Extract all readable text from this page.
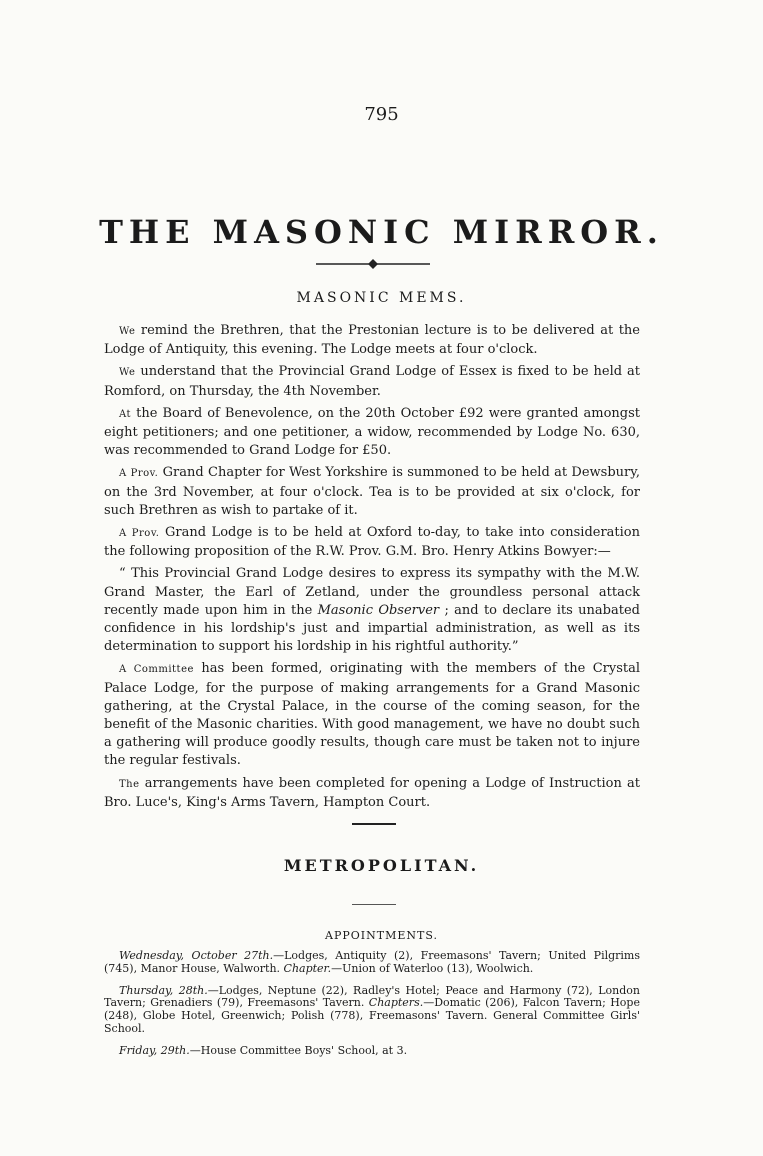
795
THE MASONIC MIRROR.
MASONIC MEMS.

We remind the Brethren, that the Prestonian lecture is to be delivered at the Lodge of Antiquity, this evening. The Lodge meets at four o'clock.

We understand that the Provincial Grand Lodge of Essex is fixed to be held at Romford, on Thursday, the 4th November.

At the Board of Benevolence, on the 20th October £92 were granted amongst eight petitioners; and one petitioner, a widow, recommended by Lodge No. 630, was recommended to Grand Lodge for £50.

A Prov. Grand Chapter for West Yorkshire is summoned to be held at Dewsbury, on the 3rd November, at four o'clock. Tea is to be provided at six o'clock, for such Brethren as wish to partake of it.

A Prov. Grand Lodge is to be held at Oxford to-day, to take into consideration the following proposition of the R.W. Prov. G.M. Bro. Henry Atkins Bowyer:—

“ This Provincial Grand Lodge desires to express its sympathy with the M.W. Grand Master, the Earl of Zetland, under the groundless personal attack recently made upon him in the Masonic Observer ; and to declare its unabated confidence in his lordship's just and impartial administration, as well as its determination to support his lordship in his rightful authority.”

A Committee has been formed, originating with the members of the Crystal Palace Lodge, for the purpose of making arrangements for a Grand Masonic gathering, at the Crystal Palace, in the course of the coming season, for the benefit of the Masonic charities. With good management, we have no doubt such a gathering will produce goodly results, though care must be taken not to injure the regular festivals.

The arrangements have been completed for opening a Lodge of Instruction at Bro. Luce's, King's Arms Tavern, Hampton Court.

METROPOLITAN.
APPOINTMENTS.

Wednesday, October 27th.—Lodges, Antiquity (2), Freemasons' Tavern; United Pilgrims (745), Manor House, Walworth. Chapter.—Union of Waterloo (13), Woolwich.

Thursday, 28th.—Lodges, Neptune (22), Radley's Hotel; Peace and Harmony (72), London Tavern; Grenadiers (79), Freemasons' Tavern. Chapters.—Domatic (206), Falcon Tavern; Hope (248), Globe Hotel, Greenwich; Polish (778), Freemasons' Tavern. General Committee Girls' School.

Friday, 29th.—House Committee Boys' School, at 3.
